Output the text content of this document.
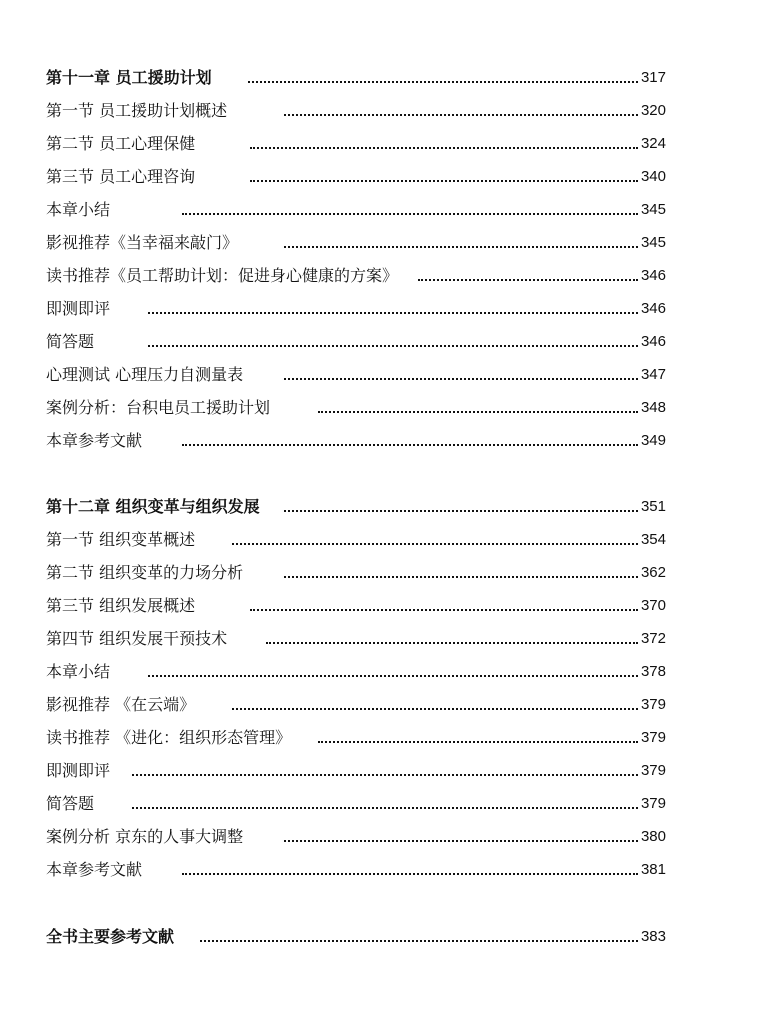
第十一章 员工援助计划	317
第一节 员工援助计划概述	320
第二节 员工心理保健	324
第三节 员工心理咨询	340
本章小结	345
影视推荐《当幸福来敲门》	345
读书推荐《员工帮助计划：促进身心健康的方案》	346
即测即评	346
简答题	346
心理测试 心理压力自测量表	347
案例分析：台积电员工援助计划	348
本章参考文献	349
第十二章 组织变革与组织发展	351
第一节 组织变革概述	354
第二节 组织变革的力场分析	362
第三节 组织发展概述	370
第四节 组织发展干预技术	372
本章小结	378
影视推荐 《在云端》	379
读书推荐 《进化：组织形态管理》	379
即测即评	379
简答题	379
案例分析 京东的人事大调整	380
本章参考文献	381
全书主要参考文献	383
